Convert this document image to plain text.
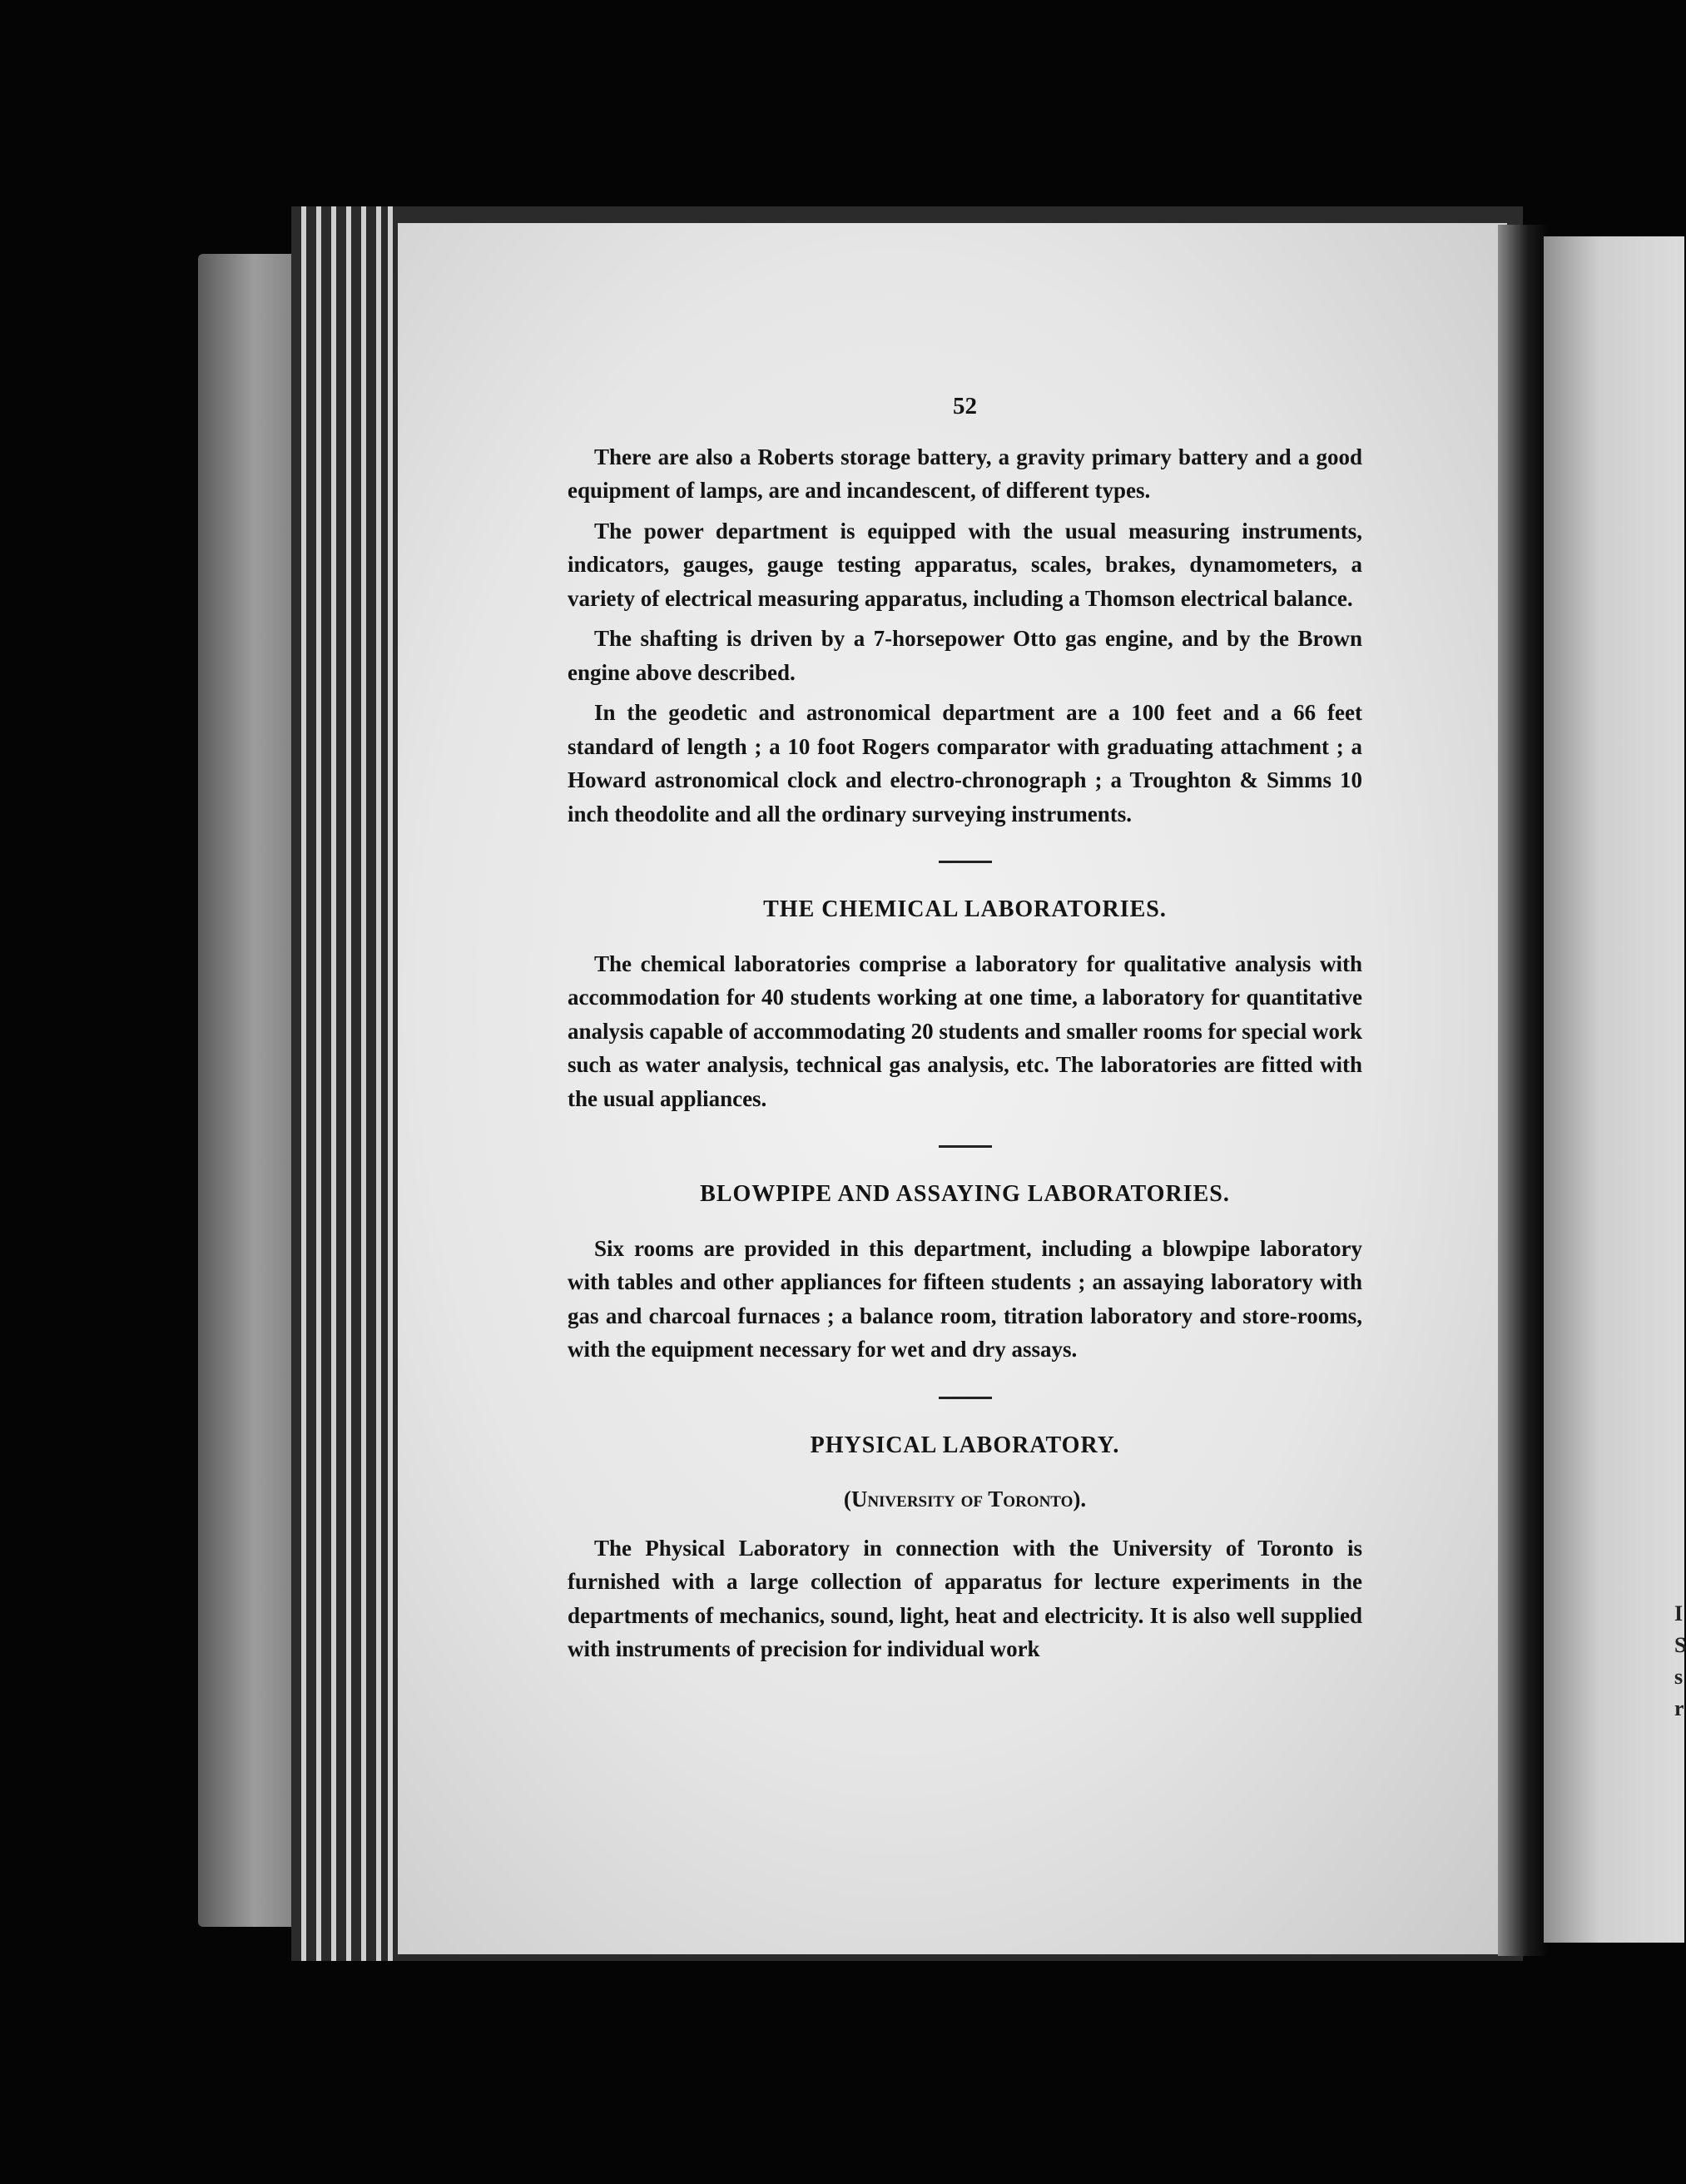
I S s r
52

There are also a Roberts storage battery, a gravity primary battery and a good equipment of lamps, are and incandescent, of different types.

The power department is equipped with the usual measuring instruments, indicators, gauges, gauge testing apparatus, scales, brakes, dynamometers, a variety of electrical measuring apparatus, including a Thomson electrical balance.

The shafting is driven by a 7-horsepower Otto gas engine, and by the Brown engine above described.

In the geodetic and astronomical department are a 100 feet and a 66 feet standard of length ; a 10 foot Rogers comparator with graduating attachment ; a Howard astronomical clock and electro-chronograph ; a Troughton & Simms 10 inch theodolite and all the ordinary surveying instruments.

THE CHEMICAL LABORATORIES.

The chemical laboratories comprise a laboratory for qualitative analysis with accommodation for 40 students working at one time, a laboratory for quantitative analysis capable of accommodating 20 students and smaller rooms for special work such as water analysis, technical gas analysis, etc. The laboratories are fitted with the usual appliances.

BLOWPIPE AND ASSAYING LABORATORIES.

Six rooms are provided in this department, including a blowpipe laboratory with tables and other appliances for fifteen students ; an assaying laboratory with gas and charcoal furnaces ; a balance room, titration laboratory and store-rooms, with the equipment necessary for wet and dry assays.

PHYSICAL LABORATORY.
(University of Toronto).

The Physical Laboratory in connection with the University of Toronto is furnished with a large collection of apparatus for lecture experiments in the departments of mechanics, sound, light, heat and electricity. It is also well supplied with instruments of precision for individual work
